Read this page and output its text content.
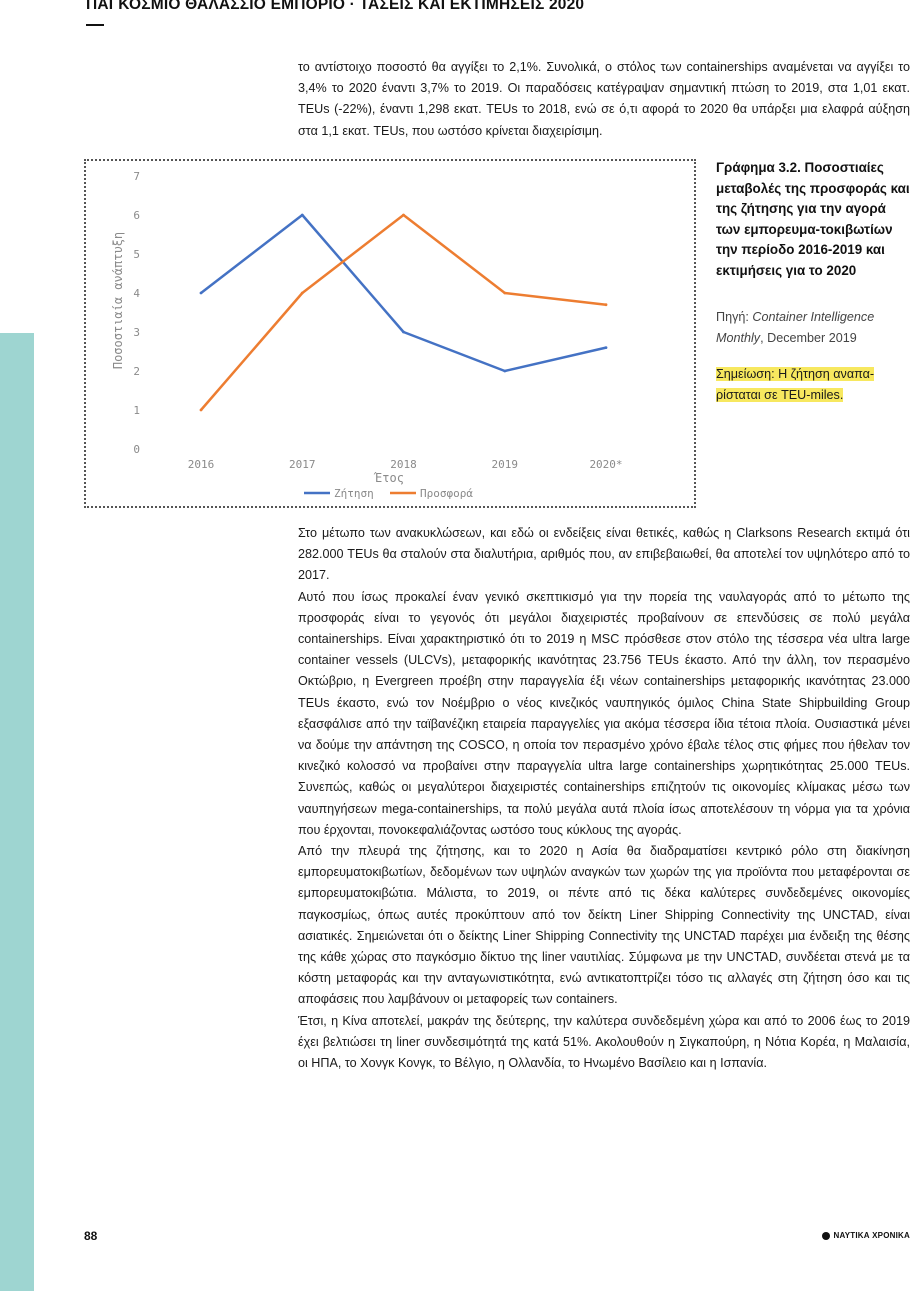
ΠΑΓΚΟΣΜΙΟ ΘΑΛΑΣΣΙΟ ΕΜΠΟΡΙΟ · ΤΑΣΕΙΣ ΚΑΙ ΕΚΤΙΜΗΣΕΙΣ 2020

το αντίστοιχο ποσοστό θα αγγίξει το 2,1%. Συνολικά, ο στόλος των containerships αναμένεται να αγγίξει το 3,4% το 2020 έναντι 3,7% το 2019. Οι παραδόσεις κατέγραψαν σημαντική πτώση το 2019, στα 1,01 εκατ. TEUs (-22%), έναντι 1,298 εκατ. TEUs το 2018, ενώ σε ό,τι αφορά το 2020 θα υπάρξει μια ελαφρά αύξηση στα 1,1 εκατ. TEUs, που ωστόσο κρίνεται διαχειρίσιμη.

0
1
2
3
4
5
6
7
2016	2017	2018	2019	2020*
Έτος
Ποσοστιαία ανάπτυξη
Ζήτηση	Προσφορά
Γράφημα 3.2. Ποσοστιαίες μεταβολές της προσφοράς και της ζήτησης για την αγορά των εμπορευμα-τοκιβωτίων την περίοδο 2016-2019 και εκτιμήσεις για το 2020
Πηγή: Container Intelligence Monthly, December 2019
Σημείωση: Η ζήτηση αναπα-ρίσταται σε TEU-miles.

Στο μέτωπο των ανακυκλώσεων, και εδώ οι ενδείξεις είναι θετικές, καθώς η Clarksons Research εκτιμά ότι 282.000 TEUs θα σταλούν στα διαλυτήρια, αριθμός που, αν επιβεβαιωθεί, θα αποτελεί τον υψηλότερο από το 2017.

Αυτό που ίσως προκαλεί έναν γενικό σκεπτικισμό για την πορεία της ναυλαγοράς από το μέτωπο της προσφοράς είναι το γεγονός ότι μεγάλοι διαχειριστές προβαίνουν σε επενδύσεις σε πολύ μεγάλα containerships. Είναι χαρακτηριστικό ότι το 2019 η MSC πρόσθεσε στον στόλο της τέσσερα νέα ultra large container vessels (ULCVs), μεταφορικής ικανότητας 23.756 TEUs έκαστο. Από την άλλη, τον περασμένο Οκτώβριο, η Evergreen προέβη στην παραγγελία έξι νέων containerships μεταφορικής ικανότητας 23.000 TEUs έκαστο, ενώ τον Νοέμβριο ο νέος κινεζικός ναυπηγικός όμιλος China State Shipbuilding Group εξασφάλισε από την ταϊβανέζικη εταιρεία παραγγελίες για ακόμα τέσσερα ίδια τέτοια πλοία. Ουσιαστικά μένει να δούμε την απάντηση της COSCO, η οποία τον περασμένο χρόνο έβαλε τέλος στις φήμες που ήθελαν τον κινεζικό κολοσσό να προβαίνει στην παραγγελία ultra large containerships χωρητικότητας 25.000 TEUs. Συνεπώς, καθώς οι μεγαλύτεροι διαχειριστές containerships επιζητούν τις οικονομίες κλίμακας μέσω των ναυπηγήσεων mega-containerships, τα πολύ μεγάλα αυτά πλοία ίσως αποτελέσουν τη νόρμα για τα χρόνια που έρχονται, πονοκεφαλιάζοντας ωστόσο τους κύκλους της αγοράς.

Από την πλευρά της ζήτησης, και το 2020 η Ασία θα διαδραματίσει κεντρικό ρόλο στη διακίνηση εμπορευματοκιβωτίων, δεδομένων των υψηλών αναγκών των χωρών της για προϊόντα που μεταφέρονται σε εμπορευματοκιβώτια. Μάλιστα, το 2019, οι πέντε από τις δέκα καλύτερες συνδεδεμένες οικονομίες παγκοσμίως, όπως αυτές προκύπτουν από τον δείκτη Liner Shipping Connectivity της UNCTAD, είναι ασιατικές. Σημειώνεται ότι ο δείκτης Liner Shipping Connectivity της UNCTAD παρέχει μια ένδειξη της θέσης της κάθε χώρας στο παγκόσμιο δίκτυο της liner ναυτιλίας. Σύμφωνα με την UNCTAD, συνδέεται στενά με τα κόστη μεταφοράς και την ανταγωνιστικότητα, ενώ αντικατοπτρίζει τόσο τις αλλαγές στη ζήτηση όσο και τις αποφάσεις που λαμβάνουν οι μεταφορείς των containers.

Έτσι, η Κίνα αποτελεί, μακράν της δεύτερης, την καλύτερα συνδεδεμένη χώρα και από το 2006 έως το 2019 έχει βελτιώσει τη liner συνδεσιμότητά της κατά 51%. Ακολουθούν η Σιγκαπούρη, η Νότια Κορέα, η Μαλαισία, οι ΗΠΑ, το Χονγκ Κονγκ, το Βέλγιο, η Ολλανδία, το Ηνωμένο Βασίλειο και η Ισπανία.

88	ΝΑΥΤΙΚΑ ΧΡΟΝΙΚΑ
